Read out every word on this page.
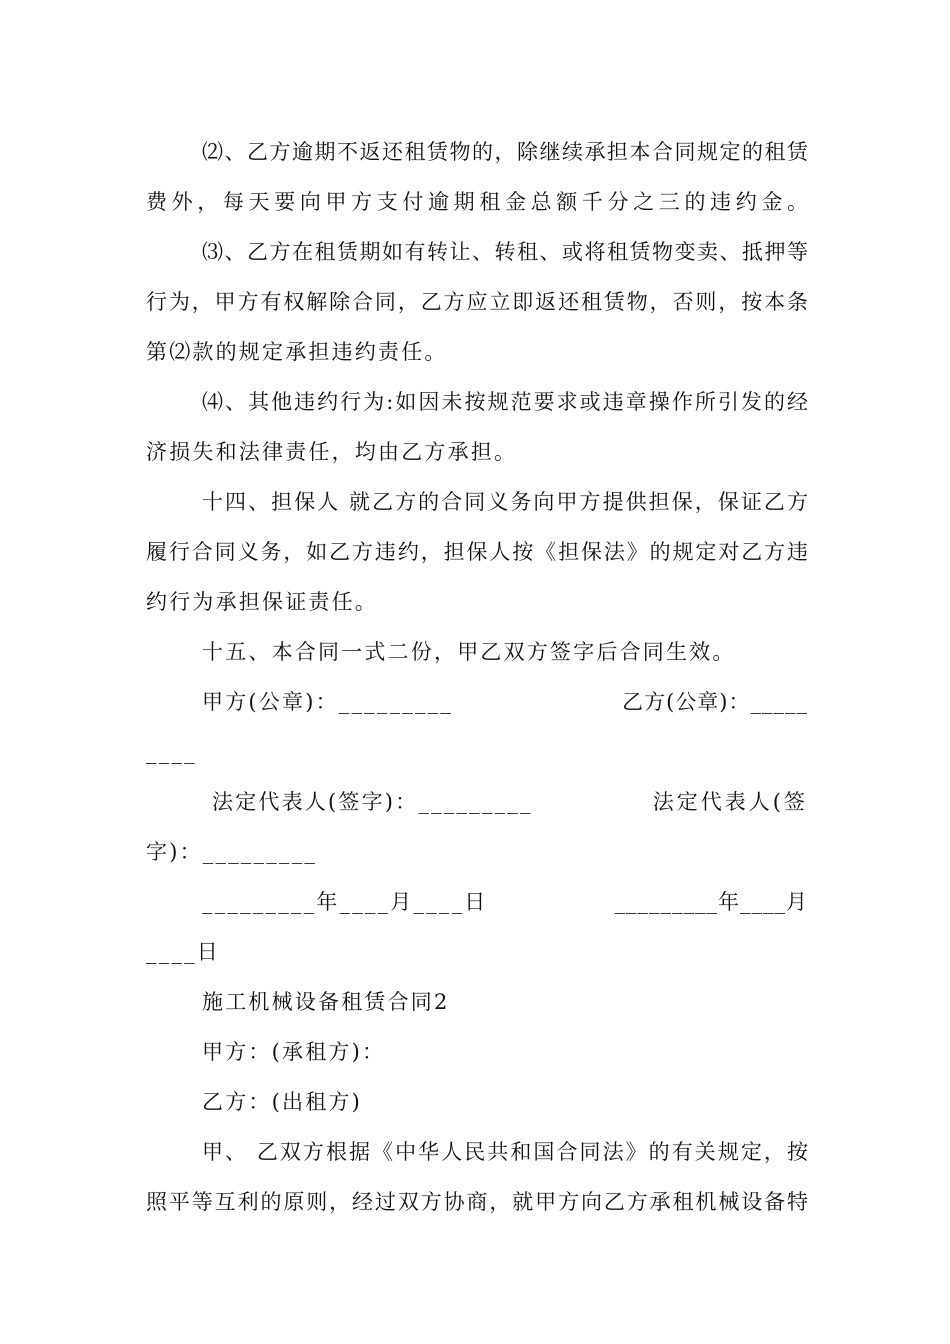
⑵、乙方逾期不返还租赁物的，除继续承担本合同规定的租赁
费外，每天要向甲方支付逾期租金总额千分之三的违约金。
⑶、乙方在租赁期如有转让、转租、或将租赁物变卖、抵押等
行为，甲方有权解除合同，乙方应立即返还租赁物，否则，按本条
第⑵款的规定承担违约责任。
⑷、其他违约行为:如因未按规范要求或违章操作所引发的经
济损失和法律责任，均由乙方承担。
十四、担保人 就乙方的合同义务向甲方提供担保，保证乙方
履行合同义务，如乙方违约，担保人按《担保法》的规定对乙方违
约行为承担保证责任。
十五、本合同一式二份，甲乙双方签字后合同生效。
甲方(公章)：_________	乙方(公章)：_____
____
法定代表人(签字)：_________	法定代表人(签
字)：_________
_________年____月____日	_________年____月
____日
施工机械设备租赁合同2
甲方：(承租方)：
乙方：(出租方)
甲、 乙双方根据《中华人民共和国合同法》的有关规定，按
照平等互利的原则，经过双方协商，就甲方向乙方承租机械设备特
